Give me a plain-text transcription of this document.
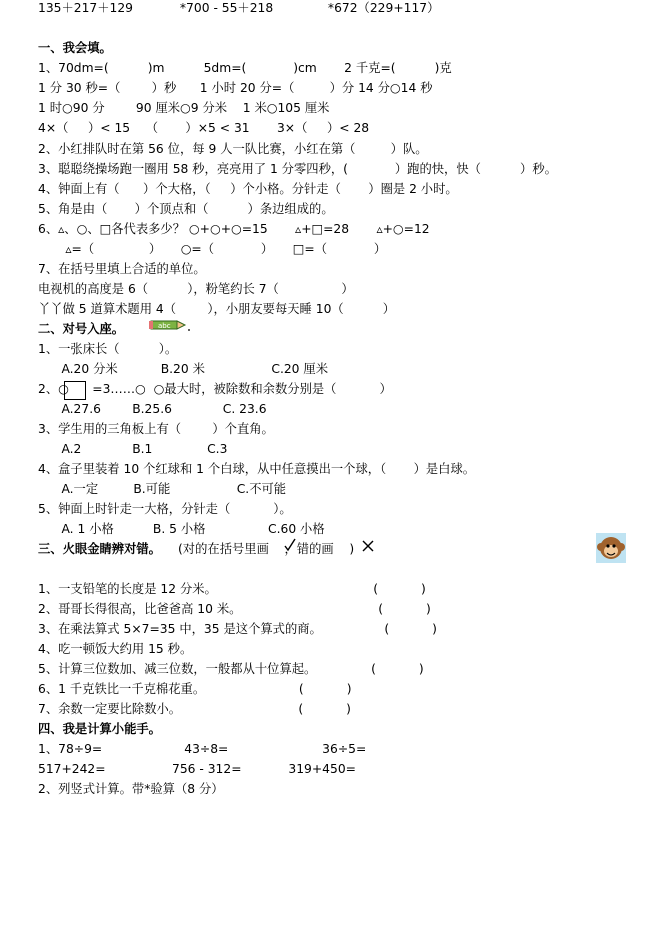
一、我会填。
1、70dm=(          )m          5dm=(            )cm       2 千克=(          )克
1 分 30 秒=（        ）秒      1 小时 20 分=（         ）分 14 分○14 秒
1 时○90 分        90 厘米○9 分米    1 米○105 厘米
4×（     ）< 15    （       ）×5 < 31       3×（     ）< 28
2、小红排队时在第 56 位，每 9 人一队比赛，小红在第（         ）队。
3、聪聪绕操场跑一圈用 58 秒，亮亮用了 1 分零四秒，(            ）跑的快，快（          ）秒。
4、钟面上有（      ）个大格，（     ）个小格。分针走（       ）圈是 2 小时。
5、角是由（       ）个顶点和（          ）条边组成的。
6、▵、○、□各代表多少？ ○+○+○=15       ▵+□=28       ▵+○=12
▵=（              ）     ○=（            ）     □=（            ）
7、在括号里填上合适的单位。
电视机的高度是 6（          ），粉笔约长 7（                ）
丫丫做 5 道算术题用 4（        ），小朋友要每天睡 10（          ）
二、对号入座。
1、一张床长（          ）。
A.20 分米           B.20 米                 C.20 厘米
2、○      =3……○  ○最大时，被除数和余数分别是（           ）
A.27.6        B.25.6             C. 23.6
3、学生用的三角板上有（        ）个直角。
A.2             B.1              C.3
4、盒子里装着 10 个红球和 1 个白球，从中任意摸出一个球，（       ）是白球。
A.一定         B.可能                 C.不可能
5、钟面上时针走一大格，分针走（           ）。
A. 1 小格          B. 5 小格                C.60 小格
三、火眼金睛辨对错。 (对的在括号里画    ，错的画    )
1、一支铅笔的长度是 12 分米。                                        (           )
2、哥哥长得很高，比爸爸高 10 米。                                   (           )
3、在乘法算式 5×7=35 中，35 是这个算式的商。                (           )
4、吃一顿饭大约用 15 秒。
5、计算三位数加、减三位数，一般都从十位算起。              (           )
6、1 千克铁比一千克棉花重。                        (           )
7、余数一定要比除数小。                              (           )
四、我是计算小能手。
1、78÷9=                     43÷8=                        36÷5=
517+242=                 756 - 312=            319+450=
2、列竖式计算。带*验算（8 分）
135＋217＋129            *700 - 55＋218              *672（229+117）
abc
